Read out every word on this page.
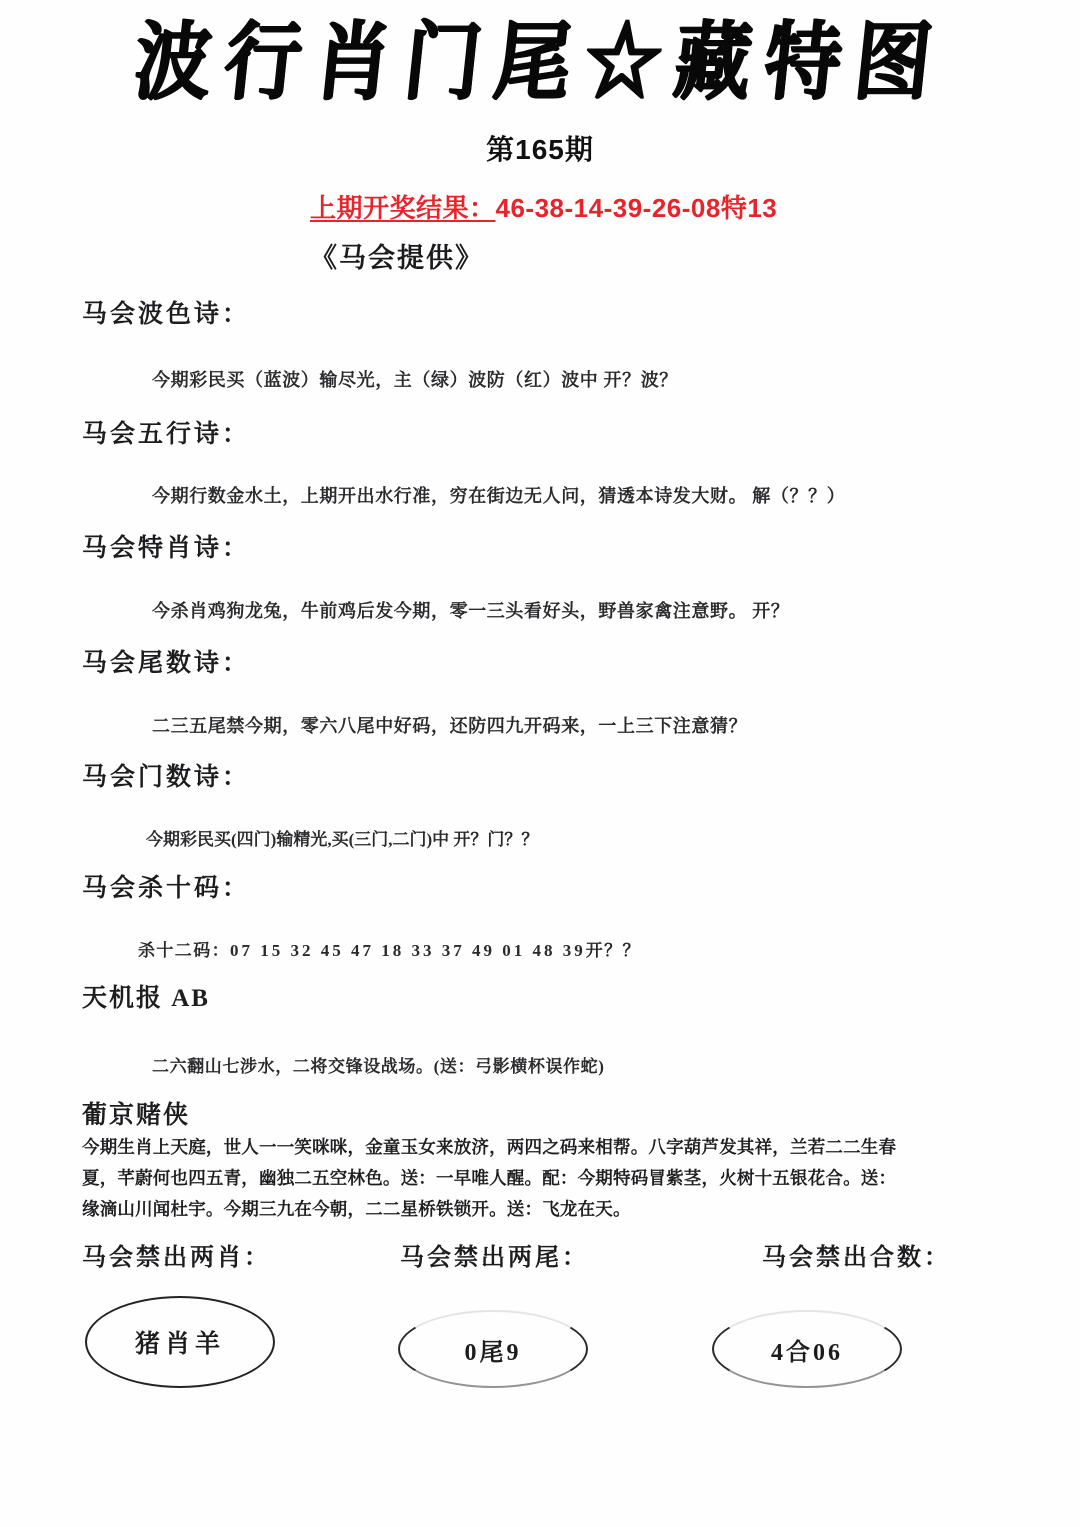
波行肖门尾☆藏特图
第165期
上期开奖结果：46-38-14-39-26-08特13
《马会提供》
马会波色诗：
今期彩民买（蓝波）输尽光，主（绿）波防（红）波中 开？波？
马会五行诗：
今期行数金水土，上期开出水行准，穷在街边无人问，猜透本诗发大财。 解（？？）
马会特肖诗：
今杀肖鸡狗龙兔，牛前鸡后发今期，零一三头看好头，野兽家禽注意野。 开？
马会尾数诗：
二三五尾禁今期，零六八尾中好码，还防四九开码来，一上三下注意猜？
马会门数诗：
今期彩民买(四门)输精光,买(三门,二门)中 开？门？？
马会杀十码：
杀十二码：07 15 32 45 47 18 33 37 49 01 48 39开？？
天机报 AB
二六翻山七涉水，二将交锋设战场。(送：弓影横杯误作蛇)
葡京赌侠
今期生肖上天庭，世人一一笑咪咪，金童玉女来放济，两四之码来相帮。八字葫芦发其祥，兰若二二生春
夏，芊蔚何也四五青，幽独二五空林色。送：一早唯人醒。配：今期特码冒紫茎，火树十五银花合。送：
缘滴山川闻杜宇。今期三九在今朝，二二星桥铁锁开。送：飞龙在天。
马会禁出两肖：	马会禁出两尾：	马会禁出合数：
猪肖羊	0尾9	4合06
